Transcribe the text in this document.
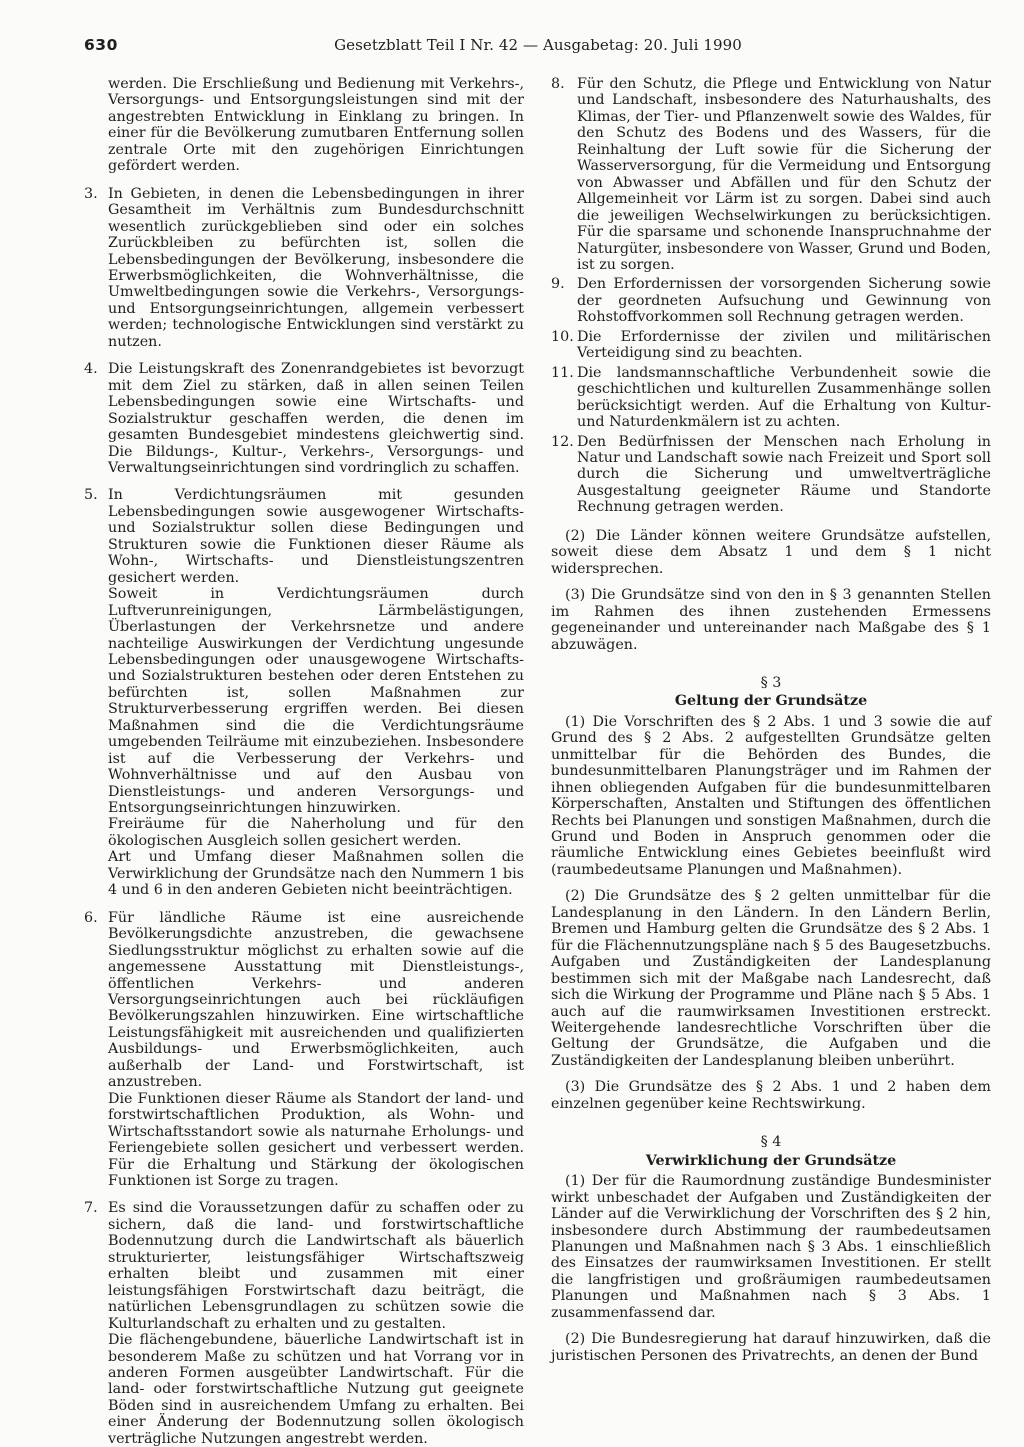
630	Gesetzblatt Teil I Nr. 42 — Ausgabetag: 20. Juli 1990

werden. Die Erschließung und Bedienung mit Verkehrs-, Versorgungs- und Entsorgungsleistungen sind mit der angestrebten Entwicklung in Einklang zu bringen. In einer für die Bevölkerung zumutbaren Entfernung sollen zentrale Orte mit den zugehörigen Einrichtungen gefördert werden.

3. In Gebieten, in denen die Lebensbedingungen in ihrer Gesamtheit im Verhältnis zum Bundesdurchschnitt wesentlich zurückgeblieben sind oder ein solches Zurückbleiben zu befürchten ist, sollen die Lebensbedingungen der Bevölkerung, insbesondere die Erwerbsmöglichkeiten, die Wohnverhältnisse, die Umweltbedingungen sowie die Verkehrs-, Versorgungs- und Entsorgungseinrichtungen, allgemein verbessert werden; technologische Entwicklungen sind verstärkt zu nutzen.

4. Die Leistungskraft des Zonenrandgebietes ist bevorzugt mit dem Ziel zu stärken, daß in allen seinen Teilen Lebensbedingungen sowie eine Wirtschafts- und Sozialstruktur geschaffen werden, die denen im gesamten Bundesgebiet mindestens gleichwertig sind. Die Bildungs-, Kultur-, Verkehrs-, Versorgungs- und Verwaltungseinrichtungen sind vordringlich zu schaffen.

5. In Verdichtungsräumen mit gesunden Lebensbedingungen sowie ausgewogener Wirtschafts- und Sozialstruktur sollen diese Bedingungen und Strukturen sowie die Funktionen dieser Räume als Wohn-, Wirtschafts- und Dienstleistungszentren gesichert werden.

Soweit in Verdichtungsräumen durch Luftverunreinigungen, Lärmbelästigungen, Überlastungen der Verkehrsnetze und andere nachteilige Auswirkungen der Verdichtung ungesunde Lebensbedingungen oder unausgewogene Wirtschafts- und Sozialstrukturen bestehen oder deren Entstehen zu befürchten ist, sollen Maßnahmen zur Strukturverbesserung ergriffen werden. Bei diesen Maßnahmen sind die die Verdichtungsräume umgebenden Teilräume mit einzubeziehen. Insbesondere ist auf die Verbesserung der Verkehrs- und Wohnverhältnisse und auf den Ausbau von Dienstleistungs- und anderen Versorgungs- und Entsorgungseinrichtungen hinzuwirken.

Freiräume für die Naherholung und für den ökologischen Ausgleich sollen gesichert werden.

Art und Umfang dieser Maßnahmen sollen die Verwirklichung der Grundsätze nach den Nummern 1 bis 4 und 6 in den anderen Gebieten nicht beeinträchtigen.

6. Für ländliche Räume ist eine ausreichende Bevölkerungsdichte anzustreben, die gewachsene Siedlungsstruktur möglichst zu erhalten sowie auf die angemessene Ausstattung mit Dienstleistungs-, öffentlichen Verkehrs- und anderen Versorgungseinrichtungen auch bei rückläufigen Bevölkerungszahlen hinzuwirken. Eine wirtschaftliche Leistungsfähigkeit mit ausreichenden und qualifizierten Ausbildungs- und Erwerbsmöglichkeiten, auch außerhalb der Land- und Forstwirtschaft, ist anzustreben.

Die Funktionen dieser Räume als Standort der land- und forstwirtschaftlichen Produktion, als Wohn- und Wirtschaftsstandort sowie als naturnahe Erholungs- und Feriengebiete sollen gesichert und verbessert werden. Für die Erhaltung und Stärkung der ökologischen Funktionen ist Sorge zu tragen.

7. Es sind die Voraussetzungen dafür zu schaffen oder zu sichern, daß die land- und forstwirtschaftliche Bodennutzung durch die Landwirtschaft als bäuerlich strukturierter, leistungsfähiger Wirtschaftszweig erhalten bleibt und zusammen mit einer leistungsfähigen Forstwirtschaft dazu beiträgt, die natürlichen Lebensgrundlagen zu schützen sowie die Kulturlandschaft zu erhalten und zu gestalten.

Die flächengebundene, bäuerliche Landwirtschaft ist in besonderem Maße zu schützen und hat Vorrang vor in anderen Formen ausgeübter Landwirtschaft. Für die land- oder forstwirtschaftliche Nutzung gut geeignete Böden sind in ausreichendem Umfang zu erhalten. Bei einer Änderung der Bodennutzung sollen ökologisch verträgliche Nutzungen angestrebt werden.

8. Für den Schutz, die Pflege und Entwicklung von Natur und Landschaft, insbesondere des Naturhaushalts, des Klimas, der Tier- und Pflanzenwelt sowie des Waldes, für den Schutz des Bodens und des Wassers, für die Reinhaltung der Luft sowie für die Sicherung der Wasserversorgung, für die Vermeidung und Entsorgung von Abwasser und Abfällen und für den Schutz der Allgemeinheit vor Lärm ist zu sorgen. Dabei sind auch die jeweiligen Wechselwirkungen zu berücksichtigen. Für die sparsame und schonende Inanspruchnahme der Naturgüter, insbesondere von Wasser, Grund und Boden, ist zu sorgen.

9. Den Erfordernissen der vorsorgenden Sicherung sowie der geordneten Aufsuchung und Gewinnung von Rohstoffvorkommen soll Rechnung getragen werden.

10. Die Erfordernisse der zivilen und militärischen Verteidigung sind zu beachten.

11. Die landsmannschaftliche Verbundenheit sowie die geschichtlichen und kulturellen Zusammenhänge sollen berücksichtigt werden. Auf die Erhaltung von Kultur- und Naturdenkmälern ist zu achten.

12. Den Bedürfnissen der Menschen nach Erholung in Natur und Landschaft sowie nach Freizeit und Sport soll durch die Sicherung und umweltverträgliche Ausgestaltung geeigneter Räume und Standorte Rechnung getragen werden.

(2) Die Länder können weitere Grundsätze aufstellen, soweit diese dem Absatz 1 und dem § 1 nicht widersprechen.

(3) Die Grundsätze sind von den in § 3 genannten Stellen im Rahmen des ihnen zustehenden Ermessens gegeneinander und untereinander nach Maßgabe des § 1 abzuwägen.

§ 3
Geltung der Grundsätze

(1) Die Vorschriften des § 2 Abs. 1 und 3 sowie die auf Grund des § 2 Abs. 2 aufgestellten Grundsätze gelten unmittelbar für die Behörden des Bundes, die bundesunmittelbaren Planungsträger und im Rahmen der ihnen obliegenden Aufgaben für die bundesunmittelbaren Körperschaften, Anstalten und Stiftungen des öffentlichen Rechts bei Planungen und sonstigen Maßnahmen, durch die Grund und Boden in Anspruch genommen oder die räumliche Entwicklung eines Gebietes beeinflußt wird (raumbedeutsame Planungen und Maßnahmen).

(2) Die Grundsätze des § 2 gelten unmittelbar für die Landesplanung in den Ländern. In den Ländern Berlin, Bremen und Hamburg gelten die Grundsätze des § 2 Abs. 1 für die Flächennutzungspläne nach § 5 des Baugesetzbuchs. Aufgaben und Zuständigkeiten der Landesplanung bestimmen sich mit der Maßgabe nach Landesrecht, daß sich die Wirkung der Programme und Pläne nach § 5 Abs. 1 auch auf die raumwirksamen Investitionen erstreckt. Weitergehende landesrechtliche Vorschriften über die Geltung der Grundsätze, die Aufgaben und die Zuständigkeiten der Landesplanung bleiben unberührt.

(3) Die Grundsätze des § 2 Abs. 1 und 2 haben dem einzelnen gegenüber keine Rechtswirkung.

§ 4
Verwirklichung der Grundsätze

(1) Der für die Raumordnung zuständige Bundesminister wirkt unbeschadet der Aufgaben und Zuständigkeiten der Länder auf die Verwirklichung der Vorschriften des § 2 hin, insbesondere durch Abstimmung der raumbedeutsamen Planungen und Maßnahmen nach § 3 Abs. 1 einschließlich des Einsatzes der raumwirksamen Investitionen. Er stellt die langfristigen und großräumigen raumbedeutsamen Planungen und Maßnahmen nach § 3 Abs. 1 zusammenfassend dar.

(2) Die Bundesregierung hat darauf hinzuwirken, daß die juristischen Personen des Privatrechts, an denen der Bund
